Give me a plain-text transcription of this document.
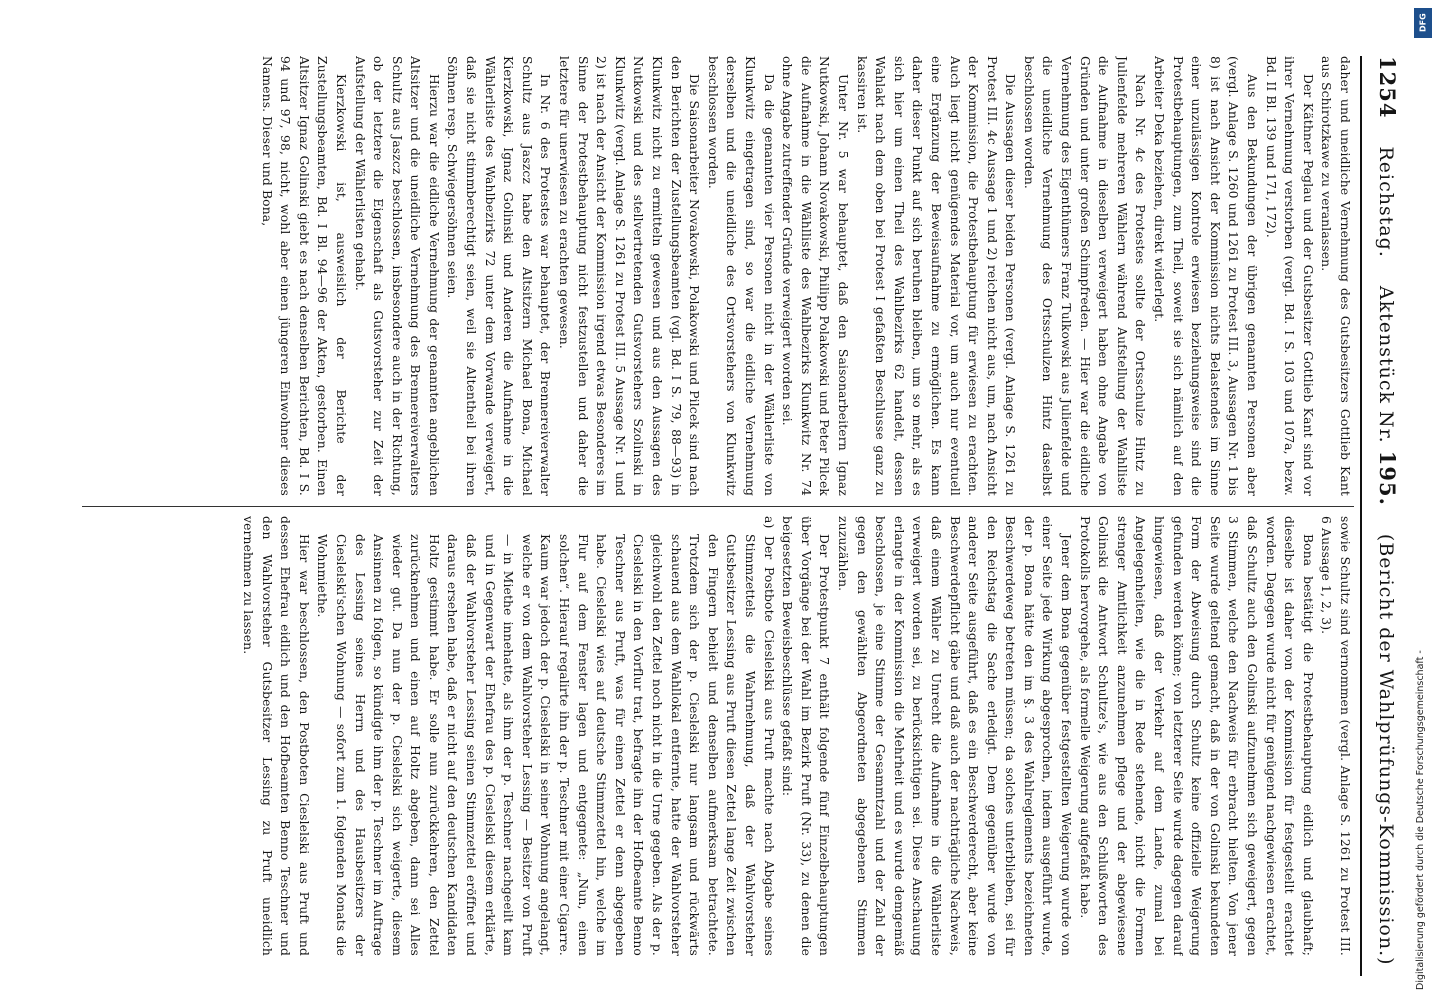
1254
Reichstag.
Aktenstück Nr. 195.
(Bericht der Wahlprüfungs-Kommission.)

daher und uneidliche Vernehmung des Gutsbesitzers Gottlieb Kant aus Schirotzkawe zu veranlassen.

Der Käthner Peglau und der Gutsbesitzer Gottlieb Kant sind vor ihrer Vernehmung verstorben (vergl. Bd. I S. 103 und 107a, bezw. Bd. II Bl. 139 und 171, 172).

Aus den Bekundungen der übrigen genannten Personen aber (vergl. Anlage S. 1260 und 1261 zu Protest III. 3, Aussagen Nr. 1 bis 8) ist nach Ansicht der Kommission nichts Belastendes im Sinne einer unzulässigen Kontrole erwiesen beziehungsweise sind die Protestbehauptungen, zum Theil, soweit sie sich nämlich auf den Arbeiter Deka beziehen, direkt widerlegt.

Nach Nr. 4c des Protestes sollte der Ortsschulze Hintz zu Julienfelde mehreren Wählern während Aufstellung der Wahlliste die Aufnahme in dieselben verweigert haben ohne Angabe von Gründen und unter großen Schimpfreden. — Hier war die eidliche Vernehmung des Eigenthümers Franz Tulkowski aus Julienfelde und die uneidliche Vernehmung des Ortsschulzen Hintz daselbst beschlossen worden.

Die Aussagen dieser beiden Personen (vergl. Anlage S. 1261 zu Protest III. 4c Aussage 1 und 2) reichen nicht aus, um, nach Ansicht der Kommission, die Protestbehauptung für erwiesen zu erachten. Auch liegt nicht genügendes Material vor, um auch nur eventuell eine Ergänzung der Beweisaufnahme zu ermöglichen. Es kann daher dieser Punkt auf sich beruhen bleiben, um so mehr, als es sich hier um einen Theil des Wahlbezirks 62 handelt, dessen Wahlakt nach dem oben bei Protest I gefaßten Beschlusse ganz zu kassiren ist.

Unter Nr. 5 war behauptet, daß den Saisonarbeitern Ignaz Nutkowski, Johann Novakowski, Philipp Polakowski und Peter Pilcek die Aufnahme in die Wählliste des Wahlbezirks Klunkwitz Nr. 74 ohne Angabe zutreffender Gründe verweigert worden sei.

Da die genannten vier Personen nicht in der Wählerliste von Klunkwitz eingetragen sind, so war die eidliche Vernehmung derselben und die uneidliche des Ortsvorstehers von Klunkwitz beschlossen worden.

Die Saisonarbeiter Novakowski, Polakowski und Pilcek sind nach den Berichten der Zustellungsbeamten (vgl. Bd. I S. 79, 88—93) in Klunkwitz nicht zu ermitteln gewesen und aus den Aussagen des Nutkowski und des stellvertretenden Gutsvorstehers Szolinski in Klunkwitz (vergl. Anlage S. 1261 zu Protest III. 5 Aussage Nr. 1 und 2) ist nach der Ansicht der Kommission irgend etwas Besonderes im Sinne der Protestbehauptung nicht festzustellen und daher die letztere für unerwiesen zu erachten gewesen.

In Nr. 6 des Protestes war behauptet, der Brennereiverwalter Schultz aus Jaszcz habe den Altsitzern Michael Bona, Michael Kierzkowski, Ignaz Golinski und Anderen die Aufnahme in die Wählerliste des Wahlbezirks 72 unter dem Vorwande verweigert, daß sie nicht stimmberechtigt seien, weil sie Altentheil bei ihren Söhnen resp. Schwiegersöhnen seien.

Hierzu war die eidliche Vernehmung der genannten angeblichen Altsitzer und die uneidliche Vernehmung des Brennereiverwalters Schultz aus Jaszcz beschlossen, insbesondere auch in der Richtung, ob der letztere die Eigenschaft als Gutsvorsteher zur Zeit der Aufstellung der Wählerlisten gehabt.

Kierzkowski ist, ausweislich der Berichte der Zustellungsbeamten, Bd. I Bl. 94—96 der Akten, gestorben. Einen Altsitzer Ignaz Golinski giebt es nach denselben Berichten, Bd. I S. 94 und 97, 98, nicht, wohl aber einen jüngeren Einwohner dieses Namens. Dieser und Bona,

sowie Schultz sind vernommen (vergl. Anlage S. 1261 zu Protest III. 6 Aussage 1, 2, 3).

Bona bestätigt die Protestbehauptung eidlich und glaubhaft; dieselbe ist daher von der Kommission für festgestellt erachtet worden. Dagegen wurde nicht für genügend nachgewiesen erachtet, daß Schultz auch den Golinski aufzunehmen sich geweigert, gegen 3 Stimmen, welche den Nachweis für erbracht hielten. Von jener Seite wurde geltend gemacht, daß in der von Golinski bekundeten Form der Abweisung durch Schultz keine offizielle Weigerung gefunden werden könne; von letzterer Seite wurde dagegen darauf hingewiesen, daß der Verkehr auf dem Lande, zumal bei Angelegenheiten, wie die in Rede stehende, nicht die Formen strenger Amtlichkeit anzunehmen pflege und der abgewiesene Golinski die Antwort Schultze's, wie aus den Schlußworten des Protokolls hervorgehe, als formelle Weigerung aufgefaßt habe.

Jener dem Bona gegenüber festgestellten Weigerung wurde von einer Seite jede Wirkung abgesprochen, indem ausgeführt wurde, der p. Bona hätte den im §. 3 des Wahlreglements bezeichneten Beschwerdeweg betreten müssen; da solches unterblieben, sei für den Reichstag die Sache erledigt. Dem gegenüber wurde von anderer Seite ausgeführt, daß es ein Beschwerderecht, aber keine Beschwerdepflicht gäbe und daß auch der nachträgliche Nachweis, daß einem Wähler zu Unrecht die Aufnahme in die Wählerliste verweigert worden sei, zu berücksichtigen sei. Diese Anschauung erlangte in der Kommission die Mehrheit und es wurde demgemäß beschlossen, je eine Stimme der Gesammtzahl und der Zahl der gegen den gewählten Abgeordneten abgegebenen Stimmen zuzuzählen.

Der Protestpunkt 7 enthält folgende fünf Einzelbehauptungen über Vorgänge bei der Wahl im Bezirk Pruft (Nr. 33), zu denen die beigesetzten Beweisbeschlüsse gefaßt sind:

a) Der Postbote Cieslelski aus Pruft machte nach Abgabe seines Stimmzettels die Wahrnehmung, daß der Wahlvorsteher Gutsbesitzer Lessing aus Pruft diesen Zettel lange Zeit zwischen den Fingern behielt und denselben aufmerksam betrachtete. Trotzdem sich der p. Cieslelski nur langsam und rückwärts schauend aus dem Wahllokal entfernte, hatte der Wahlvorsteher gleichwohl den Zettel noch nicht in die Urne gegeben. Als der p. Cieslelski in den Vorflur trat, befragte ihn der Hofbeamte Benno Teschner aus Pruft, was für einen Zettel er denn abgegeben habe. Cieslelski wies auf deutsche Stimmzettel hin, welche im Flur auf dem Fenster lagen und entgegnete: „Nun, einen solchen“. Hierauf regalirte ihn der p. Teschner mit einer Cigarre. Kaum war jedoch der p. Cieslelski in seiner Wohnung angelangt, welche er von dem Wahlvorsteher Lessing — Besitzer von Pruft — in Miethe innehatte, als ihm der p. Teschner nachgeeilt kam und in Gegenwart der Ehefrau des p. Cieslelski diesem erklärte, daß der Wahlvorsteher Lessing seinen Stimmzettel eröffnet und daraus ersehen habe, daß er nicht auf den deutschen Kandidaten Holtz gestimmt habe. Er solle nun zurückkehren, den Zettel zurücknehmen und einen auf Holtz abgeben, dann sei Alles wieder gut. Da nun der p. Cieslelski sich weigerte, diesem Ansinnen zu folgen, so kündigte ihm der p. Teschner im Auftrage des Lessing seines Herrn und des Hausbesitzers der Cieslelski'schen Wohnung — sofort zum 1. folgenden Monats die Wohnmiethe.

Hier war beschlossen, den Postboten Cieslelski aus Pruft und dessen Ehefrau eidlich und den Hofbeamten Benno Teschner und den Wahlvorsteher Gutsbesitzer Lessing zu Pruft uneidlich vernehmen zu lassen.

DFG
Digitalisierung gefördert durch die Deutsche Forschungsgemeinschaft -
